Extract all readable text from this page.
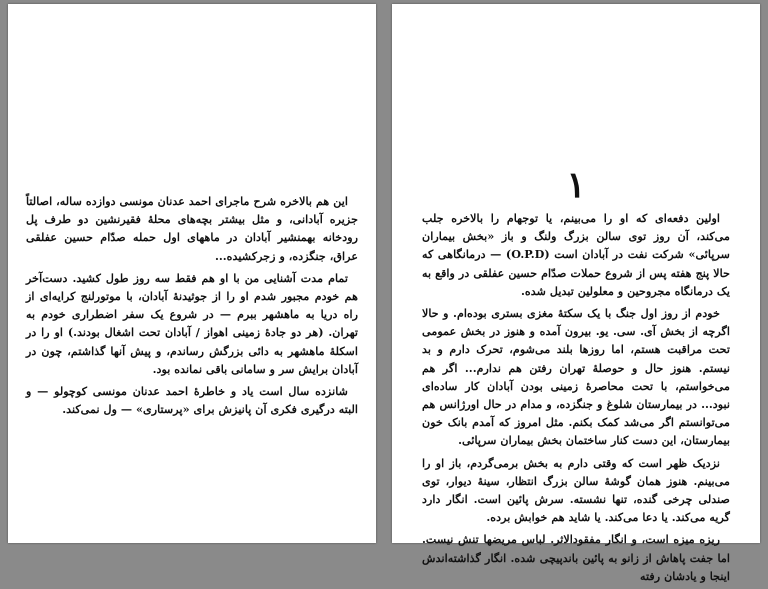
این هم بالاخره شرح ماجرای احمد عدنان مونسی دوازده ساله، اصالتاً جزیره آبادانی، و مثل بیشتر بچه‌های محلهٔ فقیرنشین دو طرف پل رودخانه بهمنشیر آبادان در ماههای اول حمله صدّام حسین عفلقی عراق، جنگزده، و زجرکشیده...

تمام مدت آشنایی من با او هم فقط سه روز طول کشید. دست‌آخر هم خودم مجبور شدم او را از جوثیدنهٔ آبادان، با موتورلنج کرایه‌ای از راه دریا به ماهشهر ببرم — در شروع یک سفر اضطراری خودم به تهران. (هر دو جادهٔ زمینی اهواز / آبادان تحت اشغال بودند.) او را در اسکلهٔ ماهشهر به دائی بزرگش رساندم، و پیش آنها گذاشتم، چون در آبادان برایش سر و سامانی باقی نمانده بود.

شانزده سال است یاد و خاطرهٔ احمد عدنان مونسی کوچولو — و البته درگیری فکری آن پانیزش برای «پرستاری» — ول نمی‌کند.

١

اولین دفعه‌ای که او را می‌بینم، یا توجهام را بالاخره جلب می‌کند، آن روز توی سالن بزرگ ولنگ و باز «بخش بیماران سرپائی» شرکت نفت در آبادان است (O.P.D) — درمانگاهی که حالا پنج هفته پس از شروع حملات صدّام حسین عفلقی در واقع به یک درمانگاه مجروحین و معلولین تبدیل شده.

خودم از روز اول جنگ با یک سکتهٔ مغزی بستری بوده‌ام. و حالا اگرچه از بخش آی. سی. یو. بیرون آمده و هنوز در بخش عمومی تحت مراقبت هستم، اما روزها بلند می‌شوم، تحرک دارم و بد نیستم. هنوز حال و حوصلهٔ تهران رفتن هم ندارم... اگر هم می‌خواستم، با تحت محاصرهٔ زمینی بودن آبادان کار ساده‌ای نبود... در بیمارستان شلوغ و جنگزده، و مدام در حال اورژانس هم می‌توانستم اگر می‌شد کمک بکنم. مثل امروز که آمدم بانک خون بیمارستان، این دست کنار ساختمان بخش بیماران سرپائی.

نزدیک ظهر است که وقتی دارم به بخش برمی‌گردم، باز او را می‌بینم. هنوز همان گوشهٔ سالن بزرگ انتظار، سینهٔ دیوار، توی صندلی چرخی گنده، تنها نشسته. سرش پائین است. انگار دارد گریه می‌کند. یا دعا می‌کند. یا شاید هم خوابش برده.

ریزه میزه است، و انگار مفقودالاثر. لباس مریضها تنش نیست. اما جفت پاهاش از زانو به پائین باندپیچی شده. انگار گذاشته‌اندش اینجا و یادشان رفته
